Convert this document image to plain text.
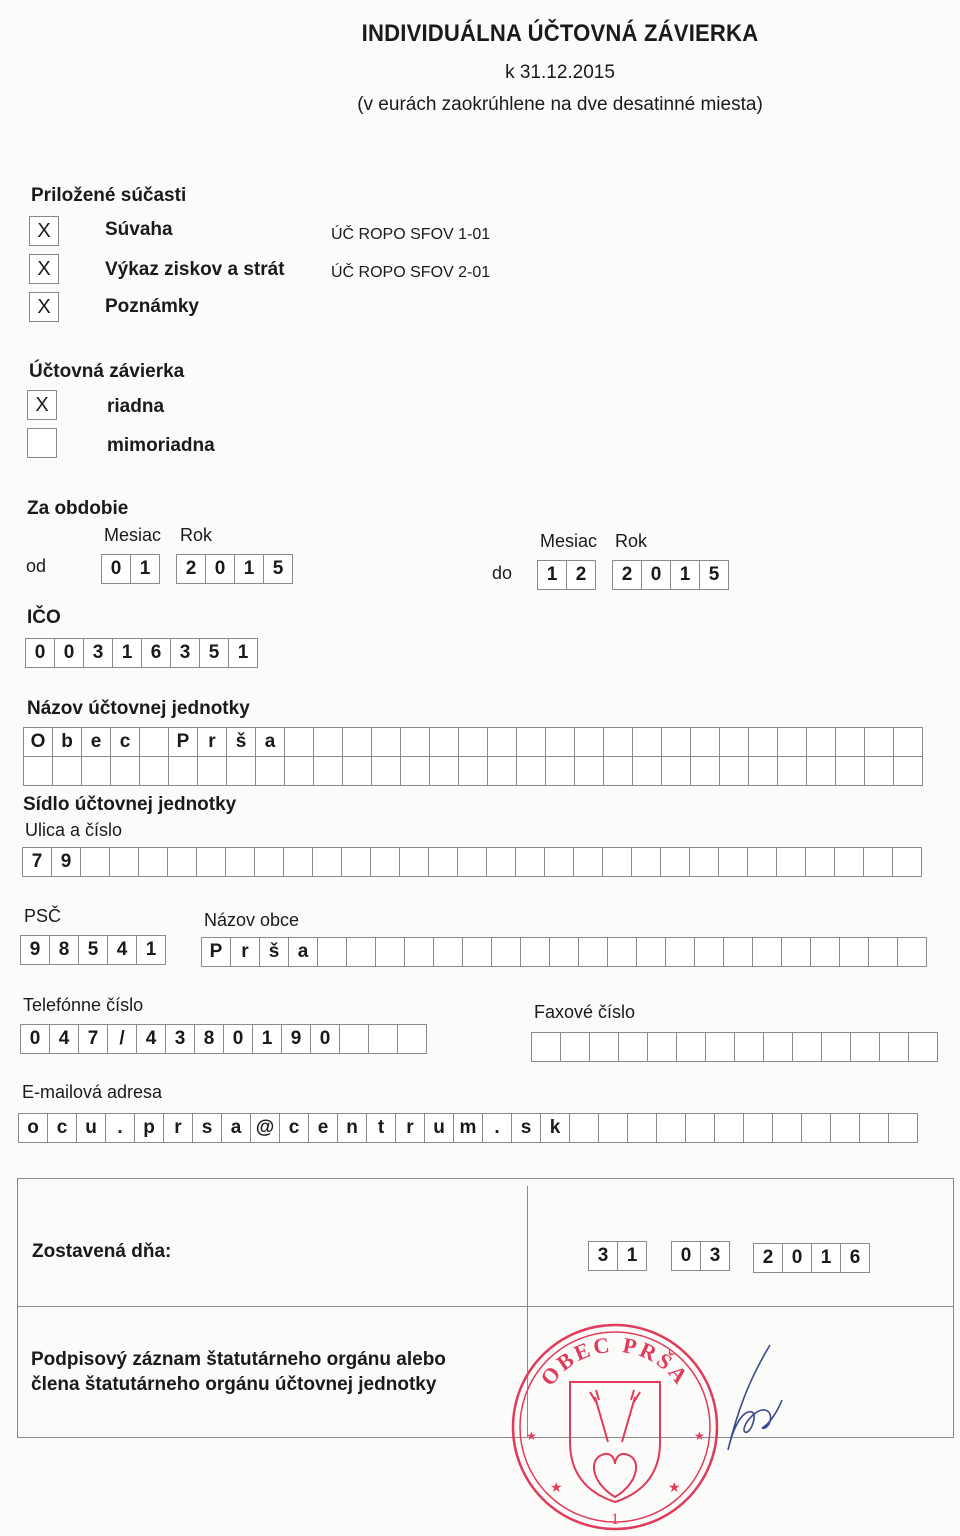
INDIVIDUÁLNA ÚČTOVNÁ ZÁVIERKA
k 31.12.2015
(v eurách zaokrúhlene na dve desatinné miesta)
Priložené súčasti
X	Súvaha	ÚČ ROPO SFOV 1-01
X	Výkaz ziskov a strát	ÚČ ROPO SFOV 2-01
X	Poznámky
Účtovná závierka
X	riadna
mimoriadna
Za obdobie
Mesiac Rok
od	0 1	2 0 1 5
Mesiac Rok
do	1 2	2 0 1 5
IČO
0 0 3 1 6 3 5 1
Názov účtovnej jednotky
O b e c	P r	š a
Sídlo účtovnej jednotky
Ulica a číslo
7 9
PSČ
9 8 5 4 1
Názov obce
P r	š a
Telefónne číslo
0 4 7	/	4 3 8 0 1 9 0
Faxové číslo
E-mailová adresa
o c u	.	p	r	s a @ c e n	t	r	u m .	s k
Zostavená dňa:	3 1	0 3	2 0 1 6
Podpisový záznam štatutárneho orgánu alebo
člena štatutárneho orgánu účtovnej jednotky	OBEC PRŠA
1
★	★
★	★
